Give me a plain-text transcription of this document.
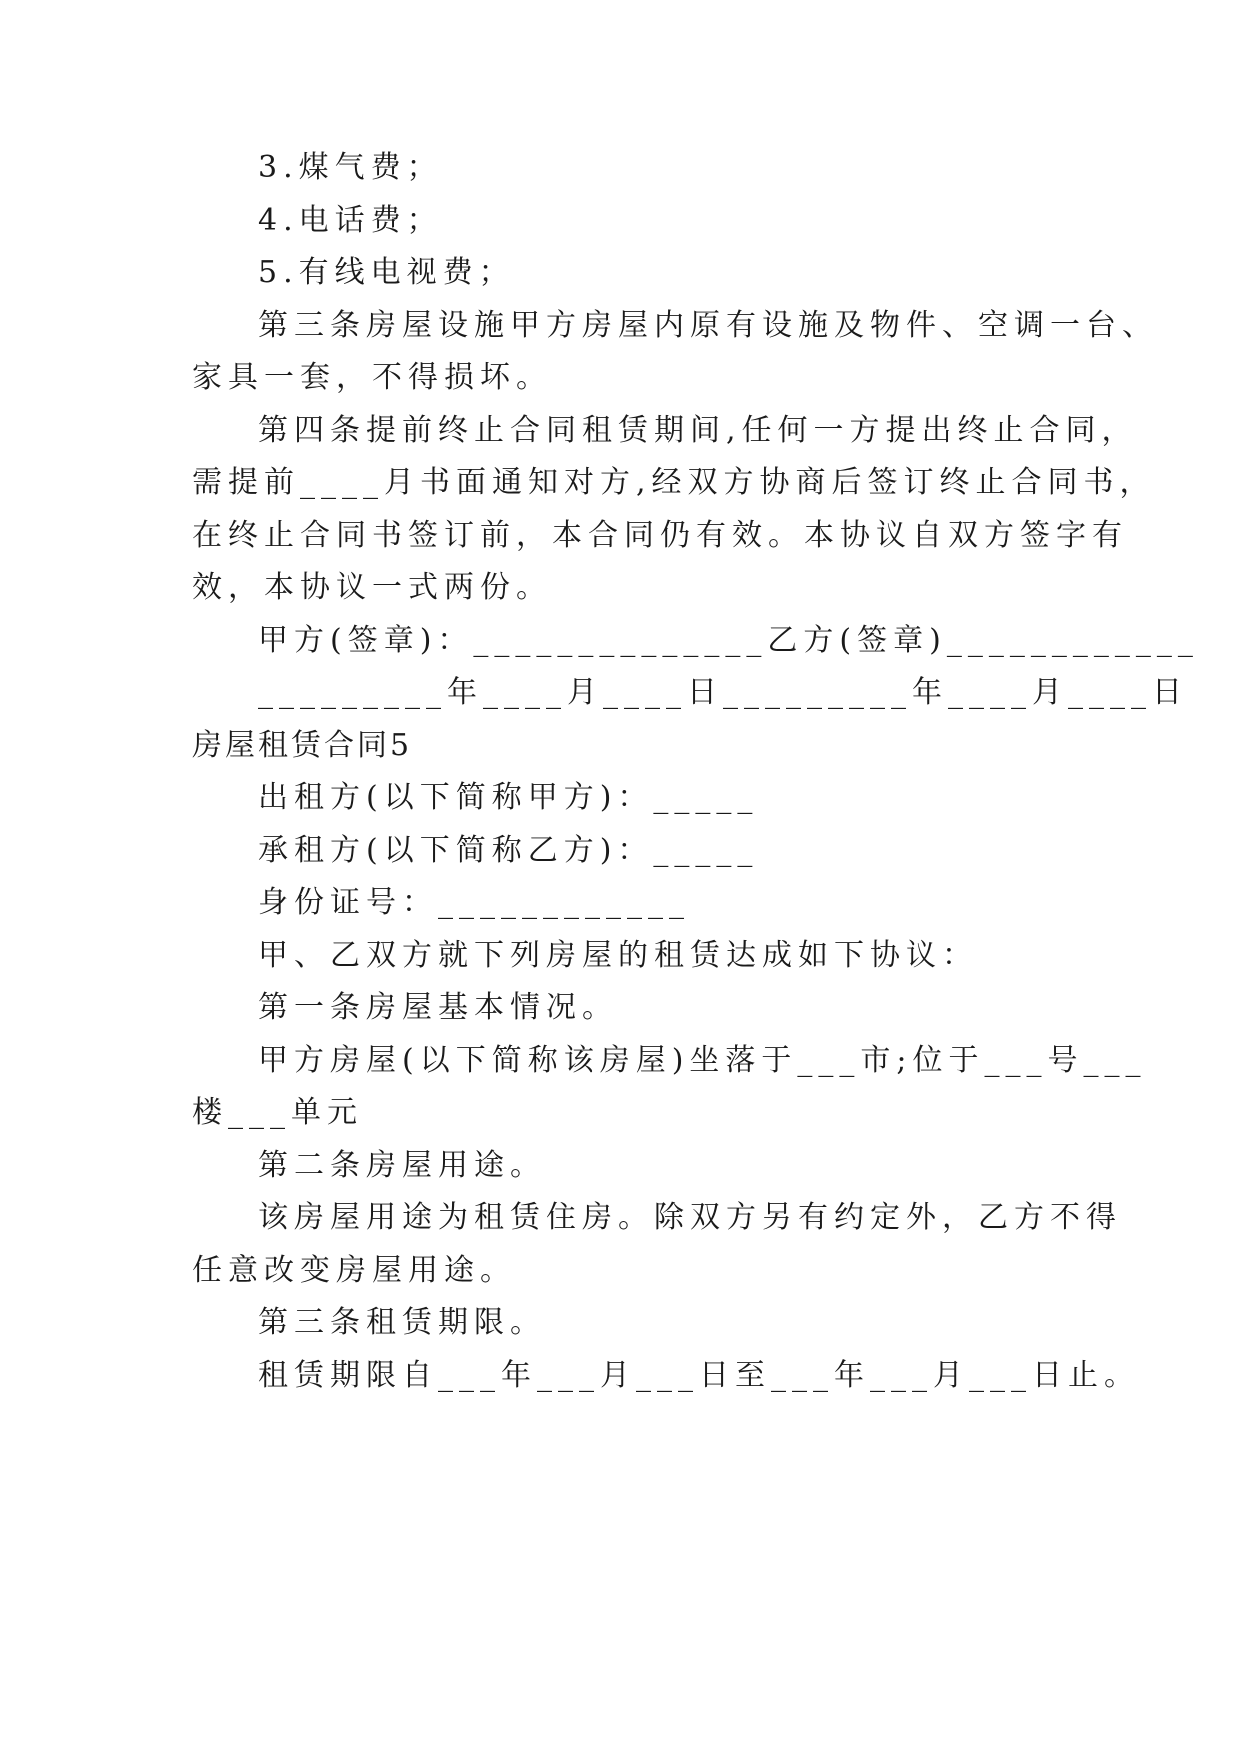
3.煤气费；
4.电话费；
5.有线电视费；
第三条房屋设施甲方房屋内原有设施及物件、空调一台、
家具一套，不得损坏。
第四条提前终止合同租赁期间,任何一方提出终止合同，
需提前____月书面通知对方,经双方协商后签订终止合同书，
在终止合同书签订前，本合同仍有效。本协议自双方签字有
效，本协议一式两份。
甲方(签章)：______________乙方(签章)____________
_________年____月____日_________年____月____日
房屋租赁合同5
出租方(以下简称甲方)：_____
承租方(以下简称乙方)：_____
身份证号：____________
甲、乙双方就下列房屋的租赁达成如下协议：
第一条房屋基本情况。
甲方房屋(以下简称该房屋)坐落于___市;位于___号___
楼___单元
第二条房屋用途。
该房屋用途为租赁住房。除双方另有约定外，乙方不得
任意改变房屋用途。
第三条租赁期限。
租赁期限自___年___月___日至___年___月___日止。
